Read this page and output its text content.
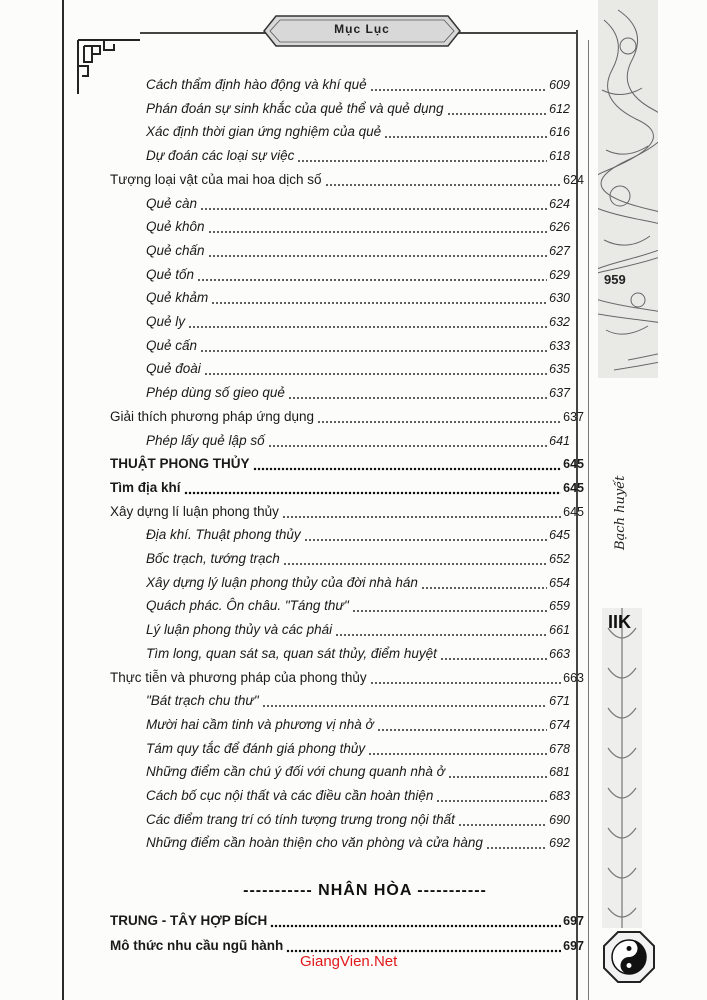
Mục Lục
959
Bạch huyết
IIK
Cách thẩm định hào động và khí quẻ	609
Phán đoán sự sinh khắc của quẻ thể và quẻ dụng	612
Xác định thời gian ứng nghiệm của quẻ	616
Dự đoán các loại sự việc	618
Tượng loại vật của mai hoa dịch số	624
Quẻ càn	624
Quẻ khôn	626
Quẻ chấn	627
Quẻ tốn	629
Quẻ khảm	630
Quẻ ly	632
Quẻ cấn	633
Quẻ đoài	635
Phép dùng số gieo quẻ	637
Giải thích phương pháp ứng dụng	637
Phép lấy quẻ lập số	641
THUẬT PHONG THỦY	645
Tìm địa khí	645
Xây dựng lí luận phong thủy	645
Địa khí. Thuật phong thủy	645
Bốc trạch, tướng trạch	652
Xây dựng lý luận phong thủy của đời nhà hán	654
Quách phác. Ôn châu. "Táng thư"	659
Lý luận phong thủy và các phái	661
Tìm long, quan sát sa, quan sát thủy, điểm huyệt	663
Thực tiễn và phương pháp của phong thủy	663
"Bát trạch chu thư"	671
Mười hai cầm tinh và phương vị nhà ở	674
Tám quy tắc để đánh giá phong thủy	678
Những điểm cần chú ý đối với chung quanh nhà ở	681
Cách bố cục nội thất và các điều cần hoàn thiện	683
Các điểm trang trí có tính tượng trưng trong nội thất	690
Những điểm cần hoàn thiện cho văn phòng và cửa hàng	692
----------- NHÂN HÒA -----------
TRUNG - TÂY HỢP BÍCH	697
Mô thức nhu cầu ngũ hành	697
GiangVien.Net
